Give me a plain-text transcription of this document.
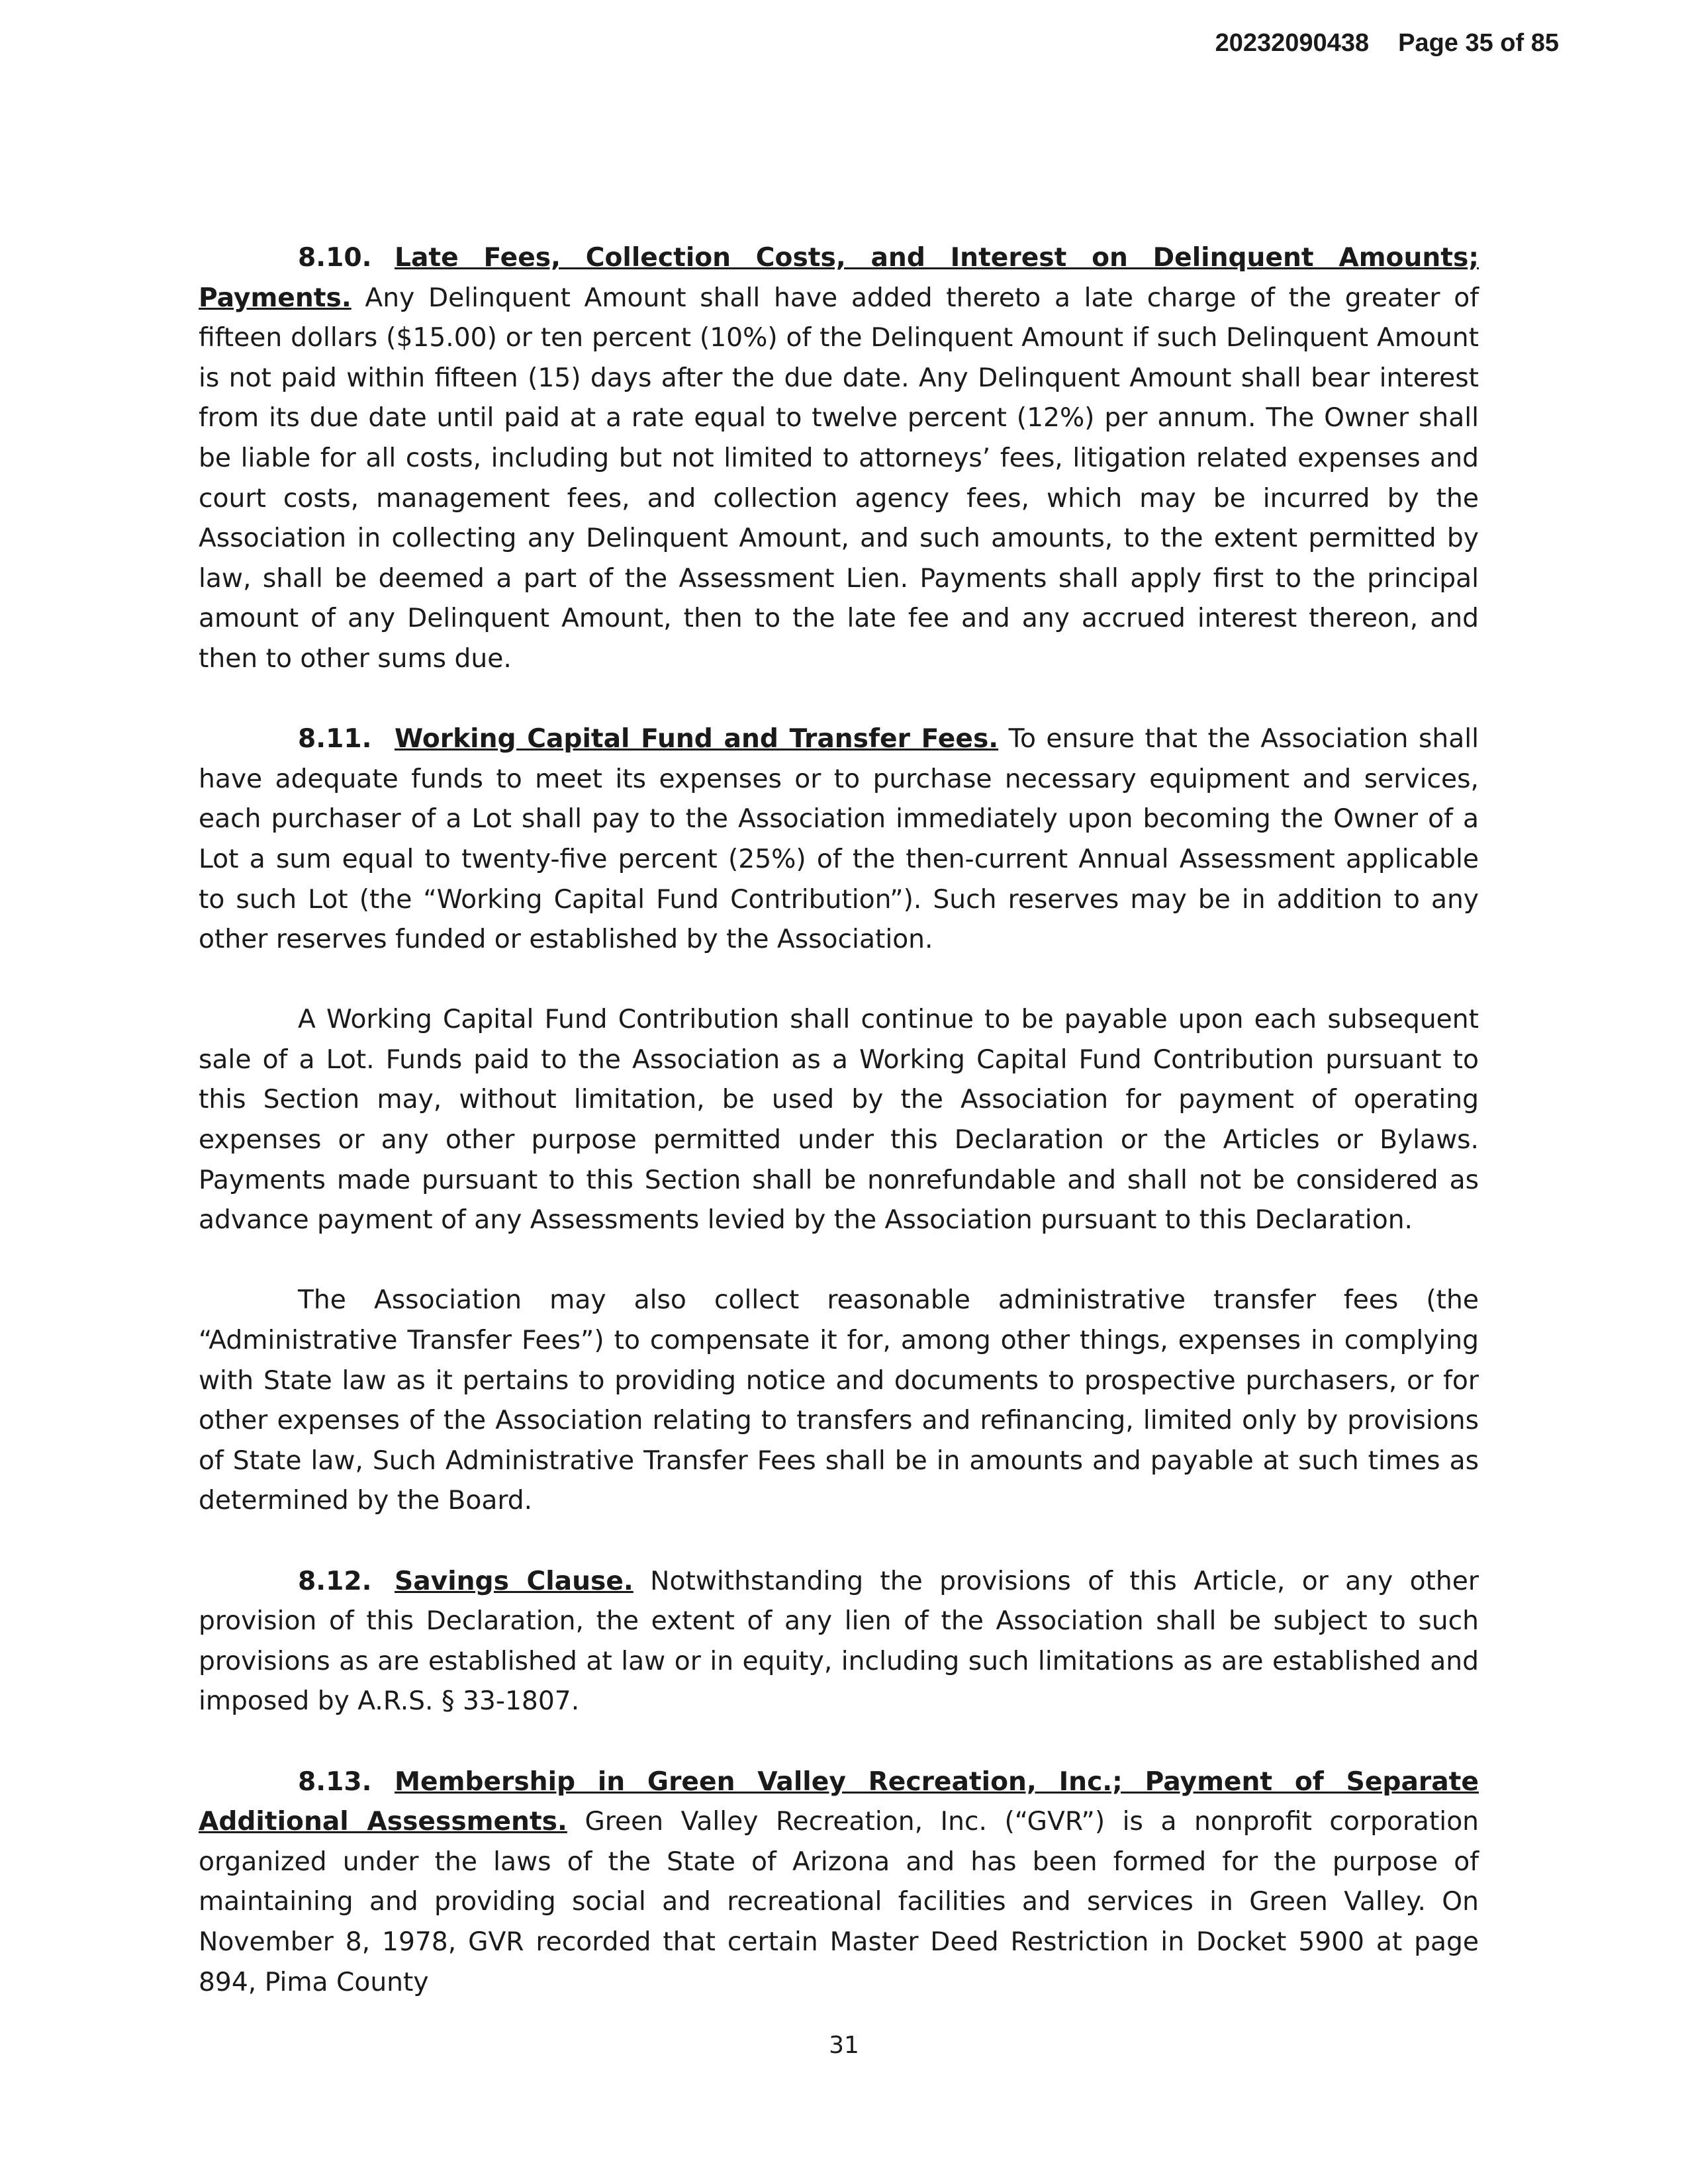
20232090438 Page 35 of 85

8.10. Late Fees, Collection Costs, and Interest on Delinquent Amounts; Payments. Any Delinquent Amount shall have added thereto a late charge of the greater of fifteen dollars ($15.00) or ten percent (10%) of the Delinquent Amount if such Delinquent Amount is not paid within fifteen (15) days after the due date. Any Delinquent Amount shall bear interest from its due date until paid at a rate equal to twelve percent (12%) per annum. The Owner shall be liable for all costs, including but not limited to attorneys’ fees, litigation related expenses and court costs, management fees, and collection agency fees, which may be incurred by the Association in collecting any Delinquent Amount, and such amounts, to the extent permitted by law, shall be deemed a part of the Assessment Lien. Payments shall apply first to the principal amount of any Delinquent Amount, then to the late fee and any accrued interest thereon, and then to other sums due.

8.11. Working Capital Fund and Transfer Fees. To ensure that the Association shall have adequate funds to meet its expenses or to purchase necessary equipment and services, each purchaser of a Lot shall pay to the Association immediately upon becoming the Owner of a Lot a sum equal to twenty-five percent (25%) of the then-current Annual Assessment applicable to such Lot (the “Working Capital Fund Contribution”). Such reserves may be in addition to any other reserves funded or established by the Association.

A Working Capital Fund Contribution shall continue to be payable upon each subsequent sale of a Lot. Funds paid to the Association as a Working Capital Fund Contribution pursuant to this Section may, without limitation, be used by the Association for payment of operating expenses or any other purpose permitted under this Declaration or the Articles or Bylaws. Payments made pursuant to this Section shall be nonrefundable and shall not be considered as advance payment of any Assessments levied by the Association pursuant to this Declaration.

The Association may also collect reasonable administrative transfer fees (the “Administrative Transfer Fees”) to compensate it for, among other things, expenses in complying with State law as it pertains to providing notice and documents to prospective purchasers, or for other expenses of the Association relating to transfers and refinancing, limited only by provisions of State law, Such Administrative Transfer Fees shall be in amounts and payable at such times as determined by the Board.

8.12. Savings Clause. Notwithstanding the provisions of this Article, or any other provision of this Declaration, the extent of any lien of the Association shall be subject to such provisions as are established at law or in equity, including such limitations as are established and imposed by A.R.S. § 33-1807.

8.13. Membership in Green Valley Recreation, Inc.; Payment of Separate Additional Assessments. Green Valley Recreation, Inc. (“GVR”) is a nonprofit corporation organized under the laws of the State of Arizona and has been formed for the purpose of maintaining and providing social and recreational facilities and services in Green Valley. On November 8, 1978, GVR recorded that certain Master Deed Restriction in Docket 5900 at page 894, Pima County

31
